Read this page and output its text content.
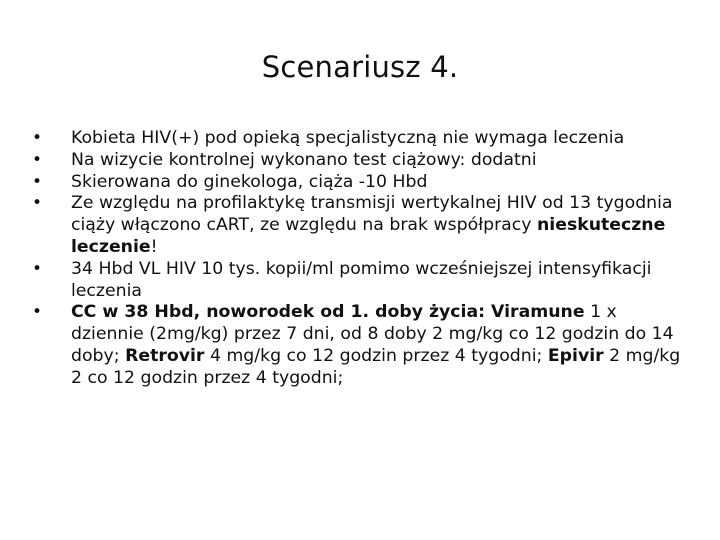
Scenariusz 4.
• Kobieta HIV(+) pod opieką specjalistyczną nie wymaga leczenia
• Na wizycie kontrolnej wykonano test ciążowy: dodatni
• Skierowana do ginekologa, ciąża -10 Hbd
• Ze względu na profilaktykę transmisji wertykalnej HIV od 13 tygodnia ciąży włączono cART, ze względu na brak współpracy nieskuteczne leczenie!
• 34 Hbd VL HIV 10 tys. kopii/ml pomimo wcześniejszej intensyfikacji leczenia
• CC w 38 Hbd, noworodek od 1. doby życia: Viramune 1 x dziennie (2mg/kg) przez 7 dni, od 8 doby 2 mg/kg co 12 godzin do 14 doby; Retrovir 4 mg/kg co 12 godzin przez 4 tygodni; Epivir 2 mg/kg 2 co 12 godzin przez 4 tygodni;
